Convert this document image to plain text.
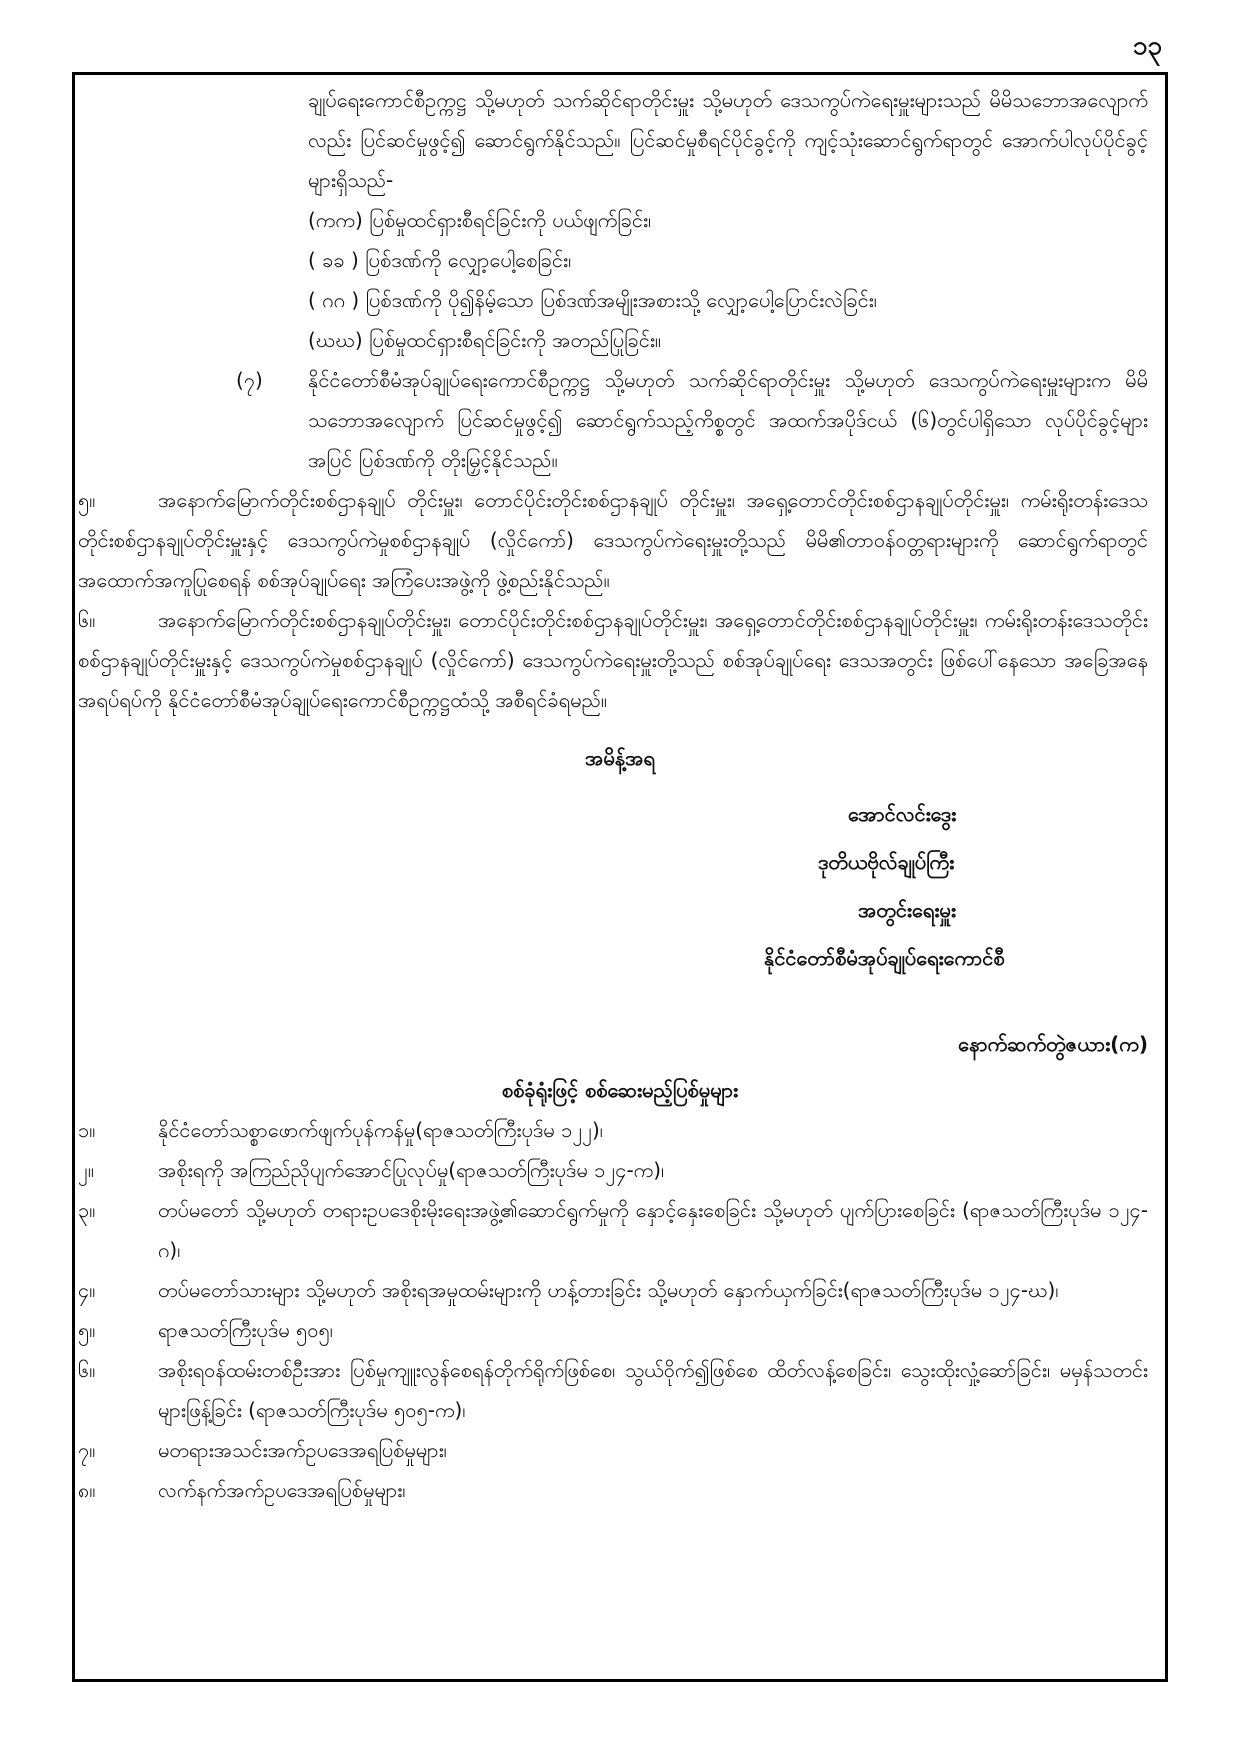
၁၃
ချုပ်ရေးကောင်စီဥက္ကဋ္ဌ သို့မဟုတ် သက်ဆိုင်ရာတိုင်းမှူး သို့မဟုတ် ဒေသကွပ်ကဲရေးမှူးများသည် မိမိသဘောအလျောက်လည်း ပြင်ဆင်မှုဖွင့်၍ ဆောင်ရွက်နိုင်သည်။ ပြင်ဆင်မှုစီရင်ပိုင်ခွင့်ကို ကျင့်သုံးဆောင်ရွက်ရာတွင် အောက်ပါလုပ်ပိုင်ခွင့်များရှိသည်-
(ကက) ပြစ်မှုထင်ရှားစီရင်ခြင်းကို ပယ်ဖျက်ခြင်း၊
( ခခ ) ပြစ်ဒဏ်ကို လျှော့ပေါ့စေခြင်း၊
( ဂဂ ) ပြစ်ဒဏ်ကို ပို၍နိမ့်သော ပြစ်ဒဏ်အမျိုးအစားသို့ လျှော့ပေါ့ပြောင်းလဲခြင်း၊
(ဃဃ) ပြစ်မှုထင်ရှားစီရင်ခြင်းကို အတည်ပြုခြင်း။
(၇) နိုင်ငံတော်စီမံအုပ်ချုပ်ရေးကောင်စီဥက္ကဋ္ဌ သို့မဟုတ် သက်ဆိုင်ရာတိုင်းမှူး သို့မဟုတ် ဒေသကွပ်ကဲရေးမှူးများက မိမိသဘောအလျောက် ပြင်ဆင်မှုဖွင့်၍ ဆောင်ရွက်သည့်ကိစ္စတွင် အထက်အပိုဒ်ငယ် (၆)တွင်ပါရှိသော လုပ်ပိုင်ခွင့်များအပြင် ပြစ်ဒဏ်ကို တိုးမြှင့်နိုင်သည်။
၅။	အနောက်မြောက်တိုင်းစစ်ဌာနချုပ် တိုင်းမှူး၊ တောင်ပိုင်းတိုင်းစစ်ဌာနချုပ် တိုင်းမှူး၊ အရှေ့တောင်တိုင်းစစ်ဌာနချုပ်တိုင်းမှူး၊ ကမ်းရိုးတန်းဒေသတိုင်းစစ်ဌာနချုပ်တိုင်းမှူးနှင့် ဒေသကွပ်ကဲမှုစစ်ဌာနချုပ် (လှိုင်ကော်) ဒေသကွပ်ကဲရေးမှူးတို့သည် မိမိ၏တာဝန်ဝတ္တရားများကို ဆောင်ရွက်ရာတွင် အထောက်အကူပြုစေရန် စစ်အုပ်ချုပ်ရေး အကြံပေးအဖွဲ့ကို ဖွဲ့စည်းနိုင်သည်။
၆။	အနောက်မြောက်တိုင်းစစ်ဌာနချုပ်တိုင်းမှူး၊ တောင်ပိုင်းတိုင်းစစ်ဌာနချုပ်တိုင်းမှူး၊ အရှေ့တောင်တိုင်းစစ်ဌာနချုပ်တိုင်းမှူး၊ ကမ်းရိုးတန်းဒေသတိုင်းစစ်ဌာနချုပ်တိုင်းမှူးနှင့် ဒေသကွပ်ကဲမှုစစ်ဌာနချုပ် (လှိုင်ကော်) ဒေသကွပ်ကဲရေးမှူးတို့သည် စစ်အုပ်ချုပ်ရေး ဒေသအတွင်း ဖြစ်ပေါ်နေသော အခြေအနေအရပ်ရပ်ကို နိုင်ငံတော်စီမံအုပ်ချုပ်ရေးကောင်စီဥက္ကဋ္ဌထံသို့ အစီရင်ခံရမည်။
အမိန့်အရ
အောင်လင်းဒွေး
ဒုတိယဗိုလ်ချုပ်ကြီး
အတွင်းရေးမှူး
နိုင်ငံတော်စီမံအုပ်ချုပ်ရေးကောင်စီ
နောက်ဆက်တွဲဇယား(က)
စစ်ခုံရုံးဖြင့် စစ်ဆေးမည့်ပြစ်မှုများ
၁။	နိုင်ငံတော်သစ္စာဖောက်ဖျက်ပုန်ကန်မှု(ရာဇသတ်ကြီးပုဒ်မ ၁၂၂)၊
၂။	အစိုးရကို အကြည်ညိုပျက်အောင်ပြုလုပ်မှု(ရာဇသတ်ကြီးပုဒ်မ ၁၂၄-က)၊
၃။	တပ်မတော် သို့မဟုတ် တရားဥပဒေစိုးမိုးရေးအဖွဲ့၏ဆောင်ရွက်မှုကို နှောင့်နှေးစေခြင်း သို့မဟုတ် ပျက်ပြားစေခြင်း (ရာဇသတ်ကြီးပုဒ်မ ၁၂၄-ဂ)၊
၄။	တပ်မတော်သားများ သို့မဟုတ် အစိုးရအမှုထမ်းများကို ဟန့်တားခြင်း သို့မဟုတ် နှောက်ယှက်ခြင်း(ရာဇသတ်ကြီးပုဒ်မ ၁၂၄-ဃ)၊
၅။	ရာဇသတ်ကြီးပုဒ်မ ၅၀၅၊
၆။	အစိုးရဝန်ထမ်းတစ်ဦးအား ပြစ်မှုကျူးလွန်စေရန်တိုက်ရိုက်ဖြစ်စေ၊ သွယ်ဝိုက်၍ဖြစ်စေ ထိတ်လန့်စေခြင်း၊ သွေးထိုးလှုံ့ဆော်ခြင်း၊ မမှန်သတင်းများဖြန့်ခြင်း (ရာဇသတ်ကြီးပုဒ်မ ၅၀၅-က)၊
၇။	မတရားအသင်းအက်ဥပဒေအရပြစ်မှုများ၊
၈။	လက်နက်အက်ဥပဒေအရပြစ်မှုများ၊
